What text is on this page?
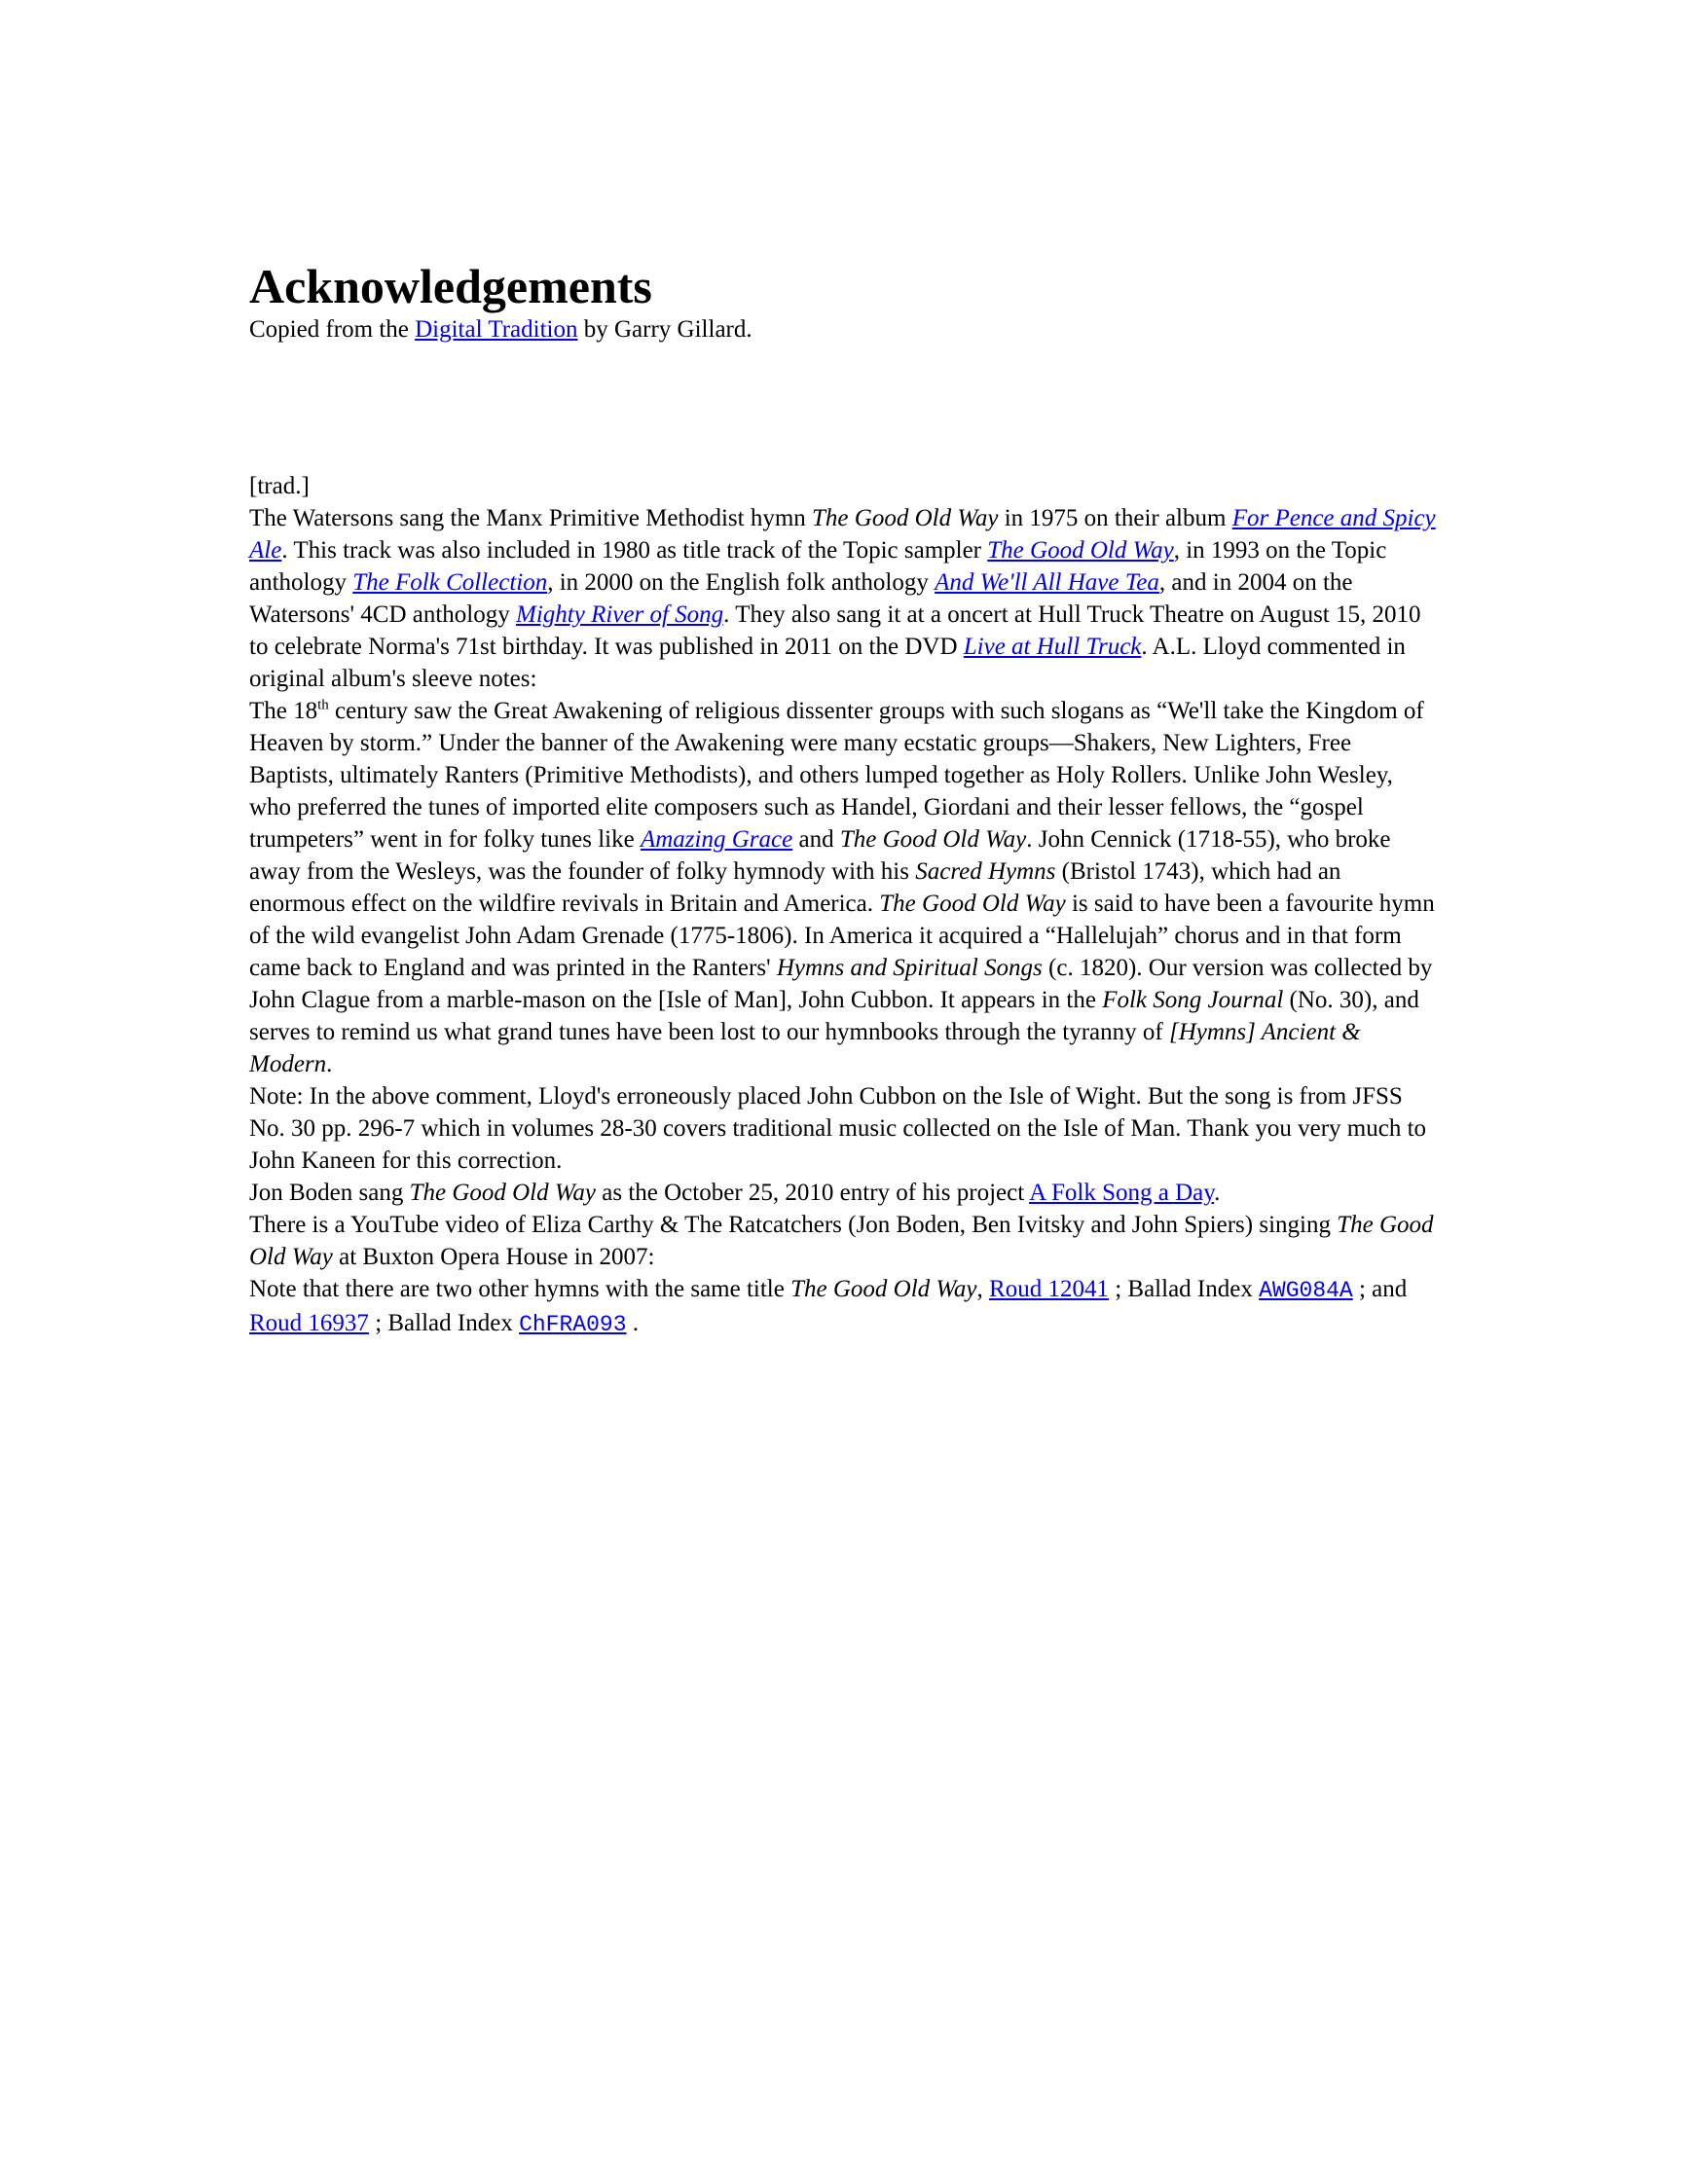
Acknowledgements

Copied from the Digital Tradition by Garry Gillard.

[trad.]

The Watersons sang the Manx Primitive Methodist hymn The Good Old Way in 1975 on their album For Pence and Spicy Ale. This track was also included in 1980 as title track of the Topic sampler The Good Old Way, in 1993 on the Topic anthology The Folk Collection, in 2000 on the English folk anthology And We'll All Have Tea, and in 2004 on the Watersons' 4CD anthology Mighty River of Song. They also sang it at a oncert at Hull Truck Theatre on August 15, 2010 to celebrate Norma's 71st birthday. It was published in 2011 on the DVD Live at Hull Truck. A.L. Lloyd commented in original album's sleeve notes:

The 18th century saw the Great Awakening of religious dissenter groups with such slogans as “We'll take the Kingdom of Heaven by storm.” Under the banner of the Awakening were many ecstatic groups—Shakers, New Lighters, Free Baptists, ultimately Ranters (Primitive Methodists), and others lumped together as Holy Rollers. Unlike John Wesley, who preferred the tunes of imported elite composers such as Handel, Giordani and their lesser fellows, the “gospel trumpeters” went in for folky tunes like Amazing Grace and The Good Old Way. John Cennick (1718-55), who broke away from the Wesleys, was the founder of folky hymnody with his Sacred Hymns (Bristol 1743), which had an enormous effect on the wildfire revivals in Britain and America. The Good Old Way is said to have been a favourite hymn of the wild evangelist John Adam Grenade (1775-1806). In America it acquired a “Hallelujah” chorus and in that form came back to England and was printed in the Ranters' Hymns and Spiritual Songs (c. 1820). Our version was collected by John Clague from a marble-mason on the [Isle of Man], John Cubbon. It appears in the Folk Song Journal (No. 30), and serves to remind us what grand tunes have been lost to our hymnbooks through the tyranny of [Hymns] Ancient & Modern.

Note: In the above comment, Lloyd's erroneously placed John Cubbon on the Isle of Wight. But the song is from JFSS No. 30 pp. 296-7 which in volumes 28-30 covers traditional music collected on the Isle of Man. Thank you very much to John Kaneen for this correction.

Jon Boden sang The Good Old Way as the October 25, 2010 entry of his project A Folk Song a Day.

There is a YouTube video of Eliza Carthy & The Ratcatchers (Jon Boden, Ben Ivitsky and John Spiers) singing The Good Old Way at Buxton Opera House in 2007:

Note that there are two other hymns with the same title The Good Old Way, Roud 12041 ; Ballad Index AWG084A ; and Roud 16937 ; Ballad Index ChFRA093 .
